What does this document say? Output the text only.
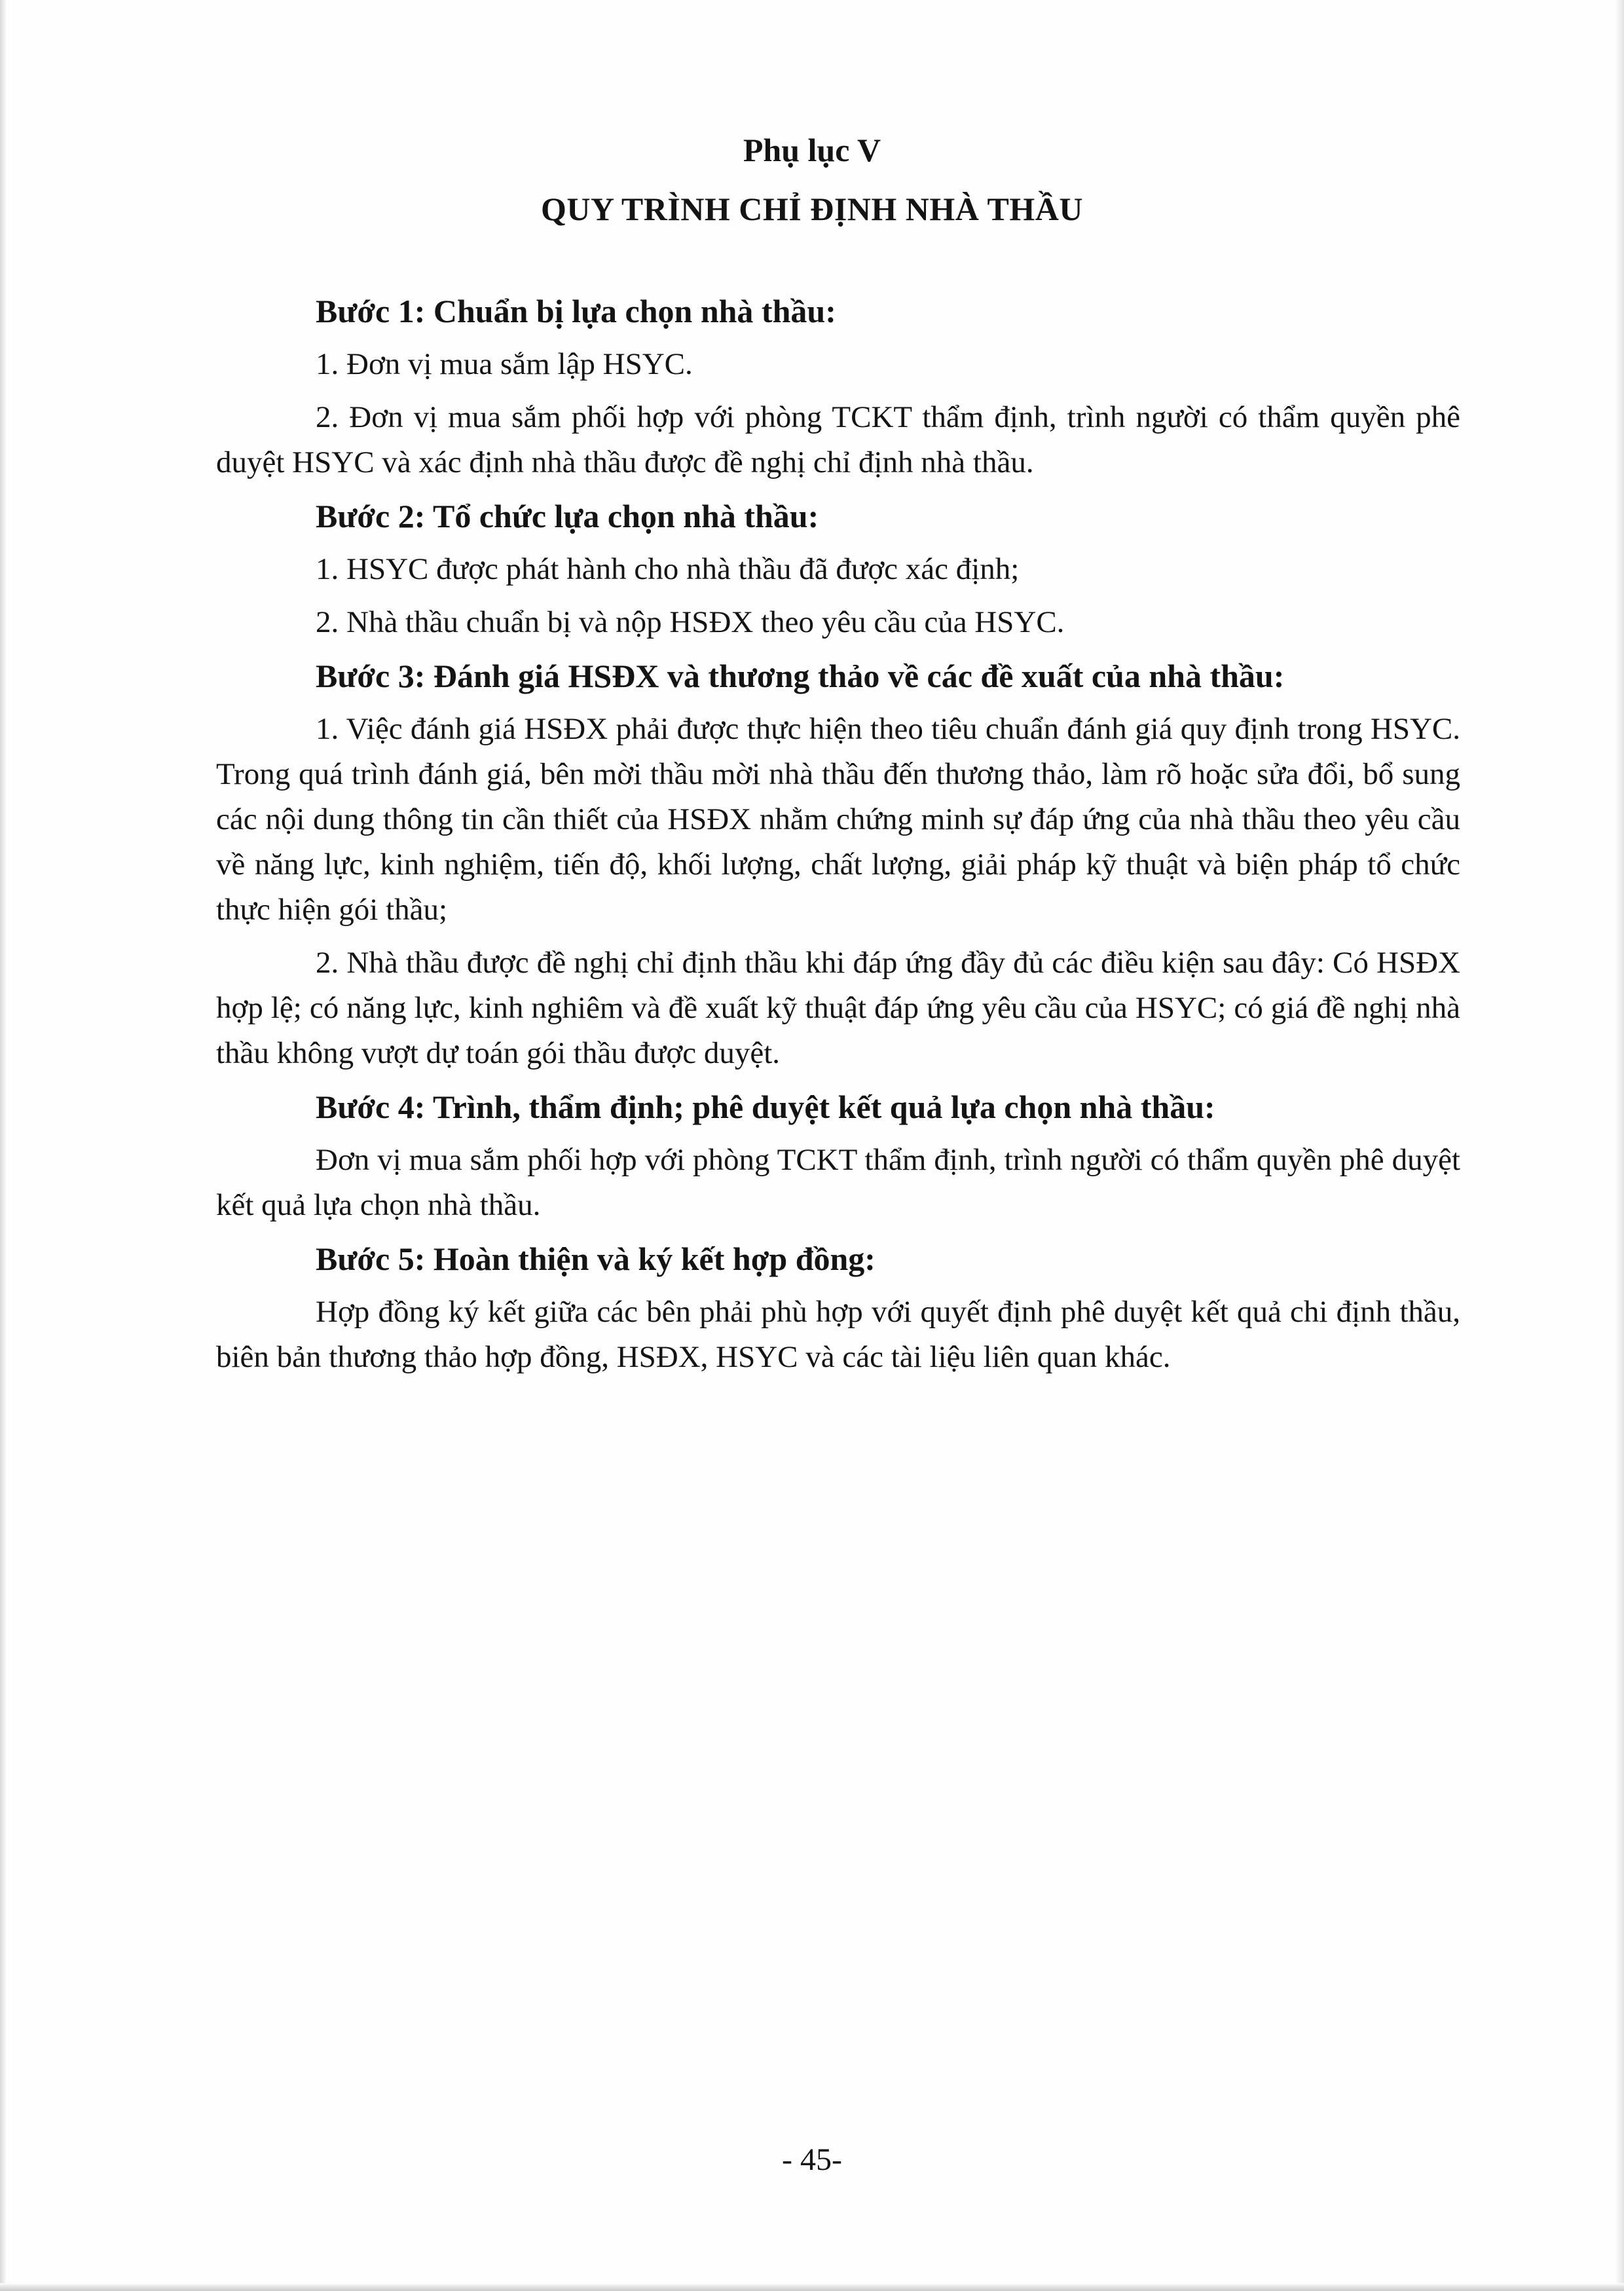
Phụ lục V
QUY TRÌNH CHỈ ĐỊNH NHÀ THẦU

Bước 1: Chuẩn bị lựa chọn nhà thầu:

1. Đơn vị mua sắm lập HSYC.

2. Đơn vị mua sắm phối hợp với phòng TCKT thẩm định, trình người có thẩm quyền phê duyệt HSYC và xác định nhà thầu được đề nghị chỉ định nhà thầu.

Bước 2: Tổ chức lựa chọn nhà thầu:

1. HSYC được phát hành cho nhà thầu đã được xác định;

2. Nhà thầu chuẩn bị và nộp HSĐX theo yêu cầu của HSYC.

Bước 3: Đánh giá HSĐX và thương thảo về các đề xuất của nhà thầu:

1. Việc đánh giá HSĐX phải được thực hiện theo tiêu chuẩn đánh giá quy định trong HSYC. Trong quá trình đánh giá, bên mời thầu mời nhà thầu đến thương thảo, làm rõ hoặc sửa đổi, bổ sung các nội dung thông tin cần thiết của HSĐX nhằm chứng minh sự đáp ứng của nhà thầu theo yêu cầu về năng lực, kinh nghiệm, tiến độ, khối lượng, chất lượng, giải pháp kỹ thuật và biện pháp tổ chức thực hiện gói thầu;

2. Nhà thầu được đề nghị chỉ định thầu khi đáp ứng đầy đủ các điều kiện sau đây: Có HSĐX hợp lệ; có năng lực, kinh nghiêm và đề xuất kỹ thuật đáp ứng yêu cầu của HSYC; có giá đề nghị nhà thầu không vượt dự toán gói thầu được duyệt.

Bước 4: Trình, thẩm định; phê duyệt kết quả lựa chọn nhà thầu:

Đơn vị mua sắm phối hợp với phòng TCKT thẩm định, trình người có thẩm quyền phê duyệt kết quả lựa chọn nhà thầu.

Bước 5: Hoàn thiện và ký kết hợp đồng:

Hợp đồng ký kết giữa các bên phải phù hợp với quyết định phê duyệt kết quả chi định thầu, biên bản thương thảo hợp đồng, HSĐX, HSYC và các tài liệu liên quan khác.

- 45-
